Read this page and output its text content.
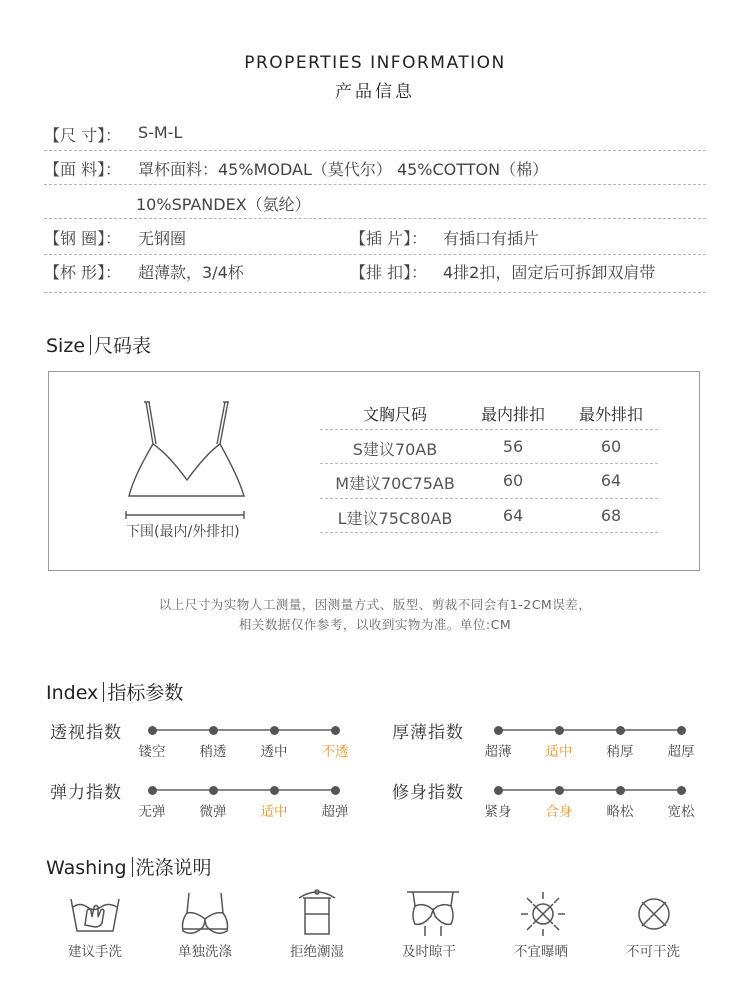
PROPERTIES INFORMATION
产品信息
【尺 寸】： S-M-L
【面 料】： 罩杯面料：45%MODAL（莫代尔） 45%COTTON（棉）
10%SPANDEX（氨纶）
【钢 圈】： 无钢圈	【插 片】： 有插口有插片
【杯 形】： 超薄款，3/4杯	【排 扣】： 4排2扣，固定后可拆卸双肩带
Size 尺码表
下围(最内/外排扣)
文胸尺码	最内排扣	最外排扣
S建议70AB	56	60
M建议70C75AB	60	64
L建议75C80AB	64	68
以上尺寸为实物人工测量，因测量方式、版型、剪裁不同会有1-2CM误差，
相关数据仅作参考，以收到实物为准。单位:CM
Index 指标参数
透视指数
镂空	稍透	透中	不透
厚薄指数
超薄	适中	稍厚	超厚
弹力指数
无弹	微弹	适中	超弹
修身指数
紧身	合身	略松	宽松
Washing 洗涤说明
建议手洗	单独洗涤	拒绝潮湿	及时晾干	不宜曝晒	不可干洗
